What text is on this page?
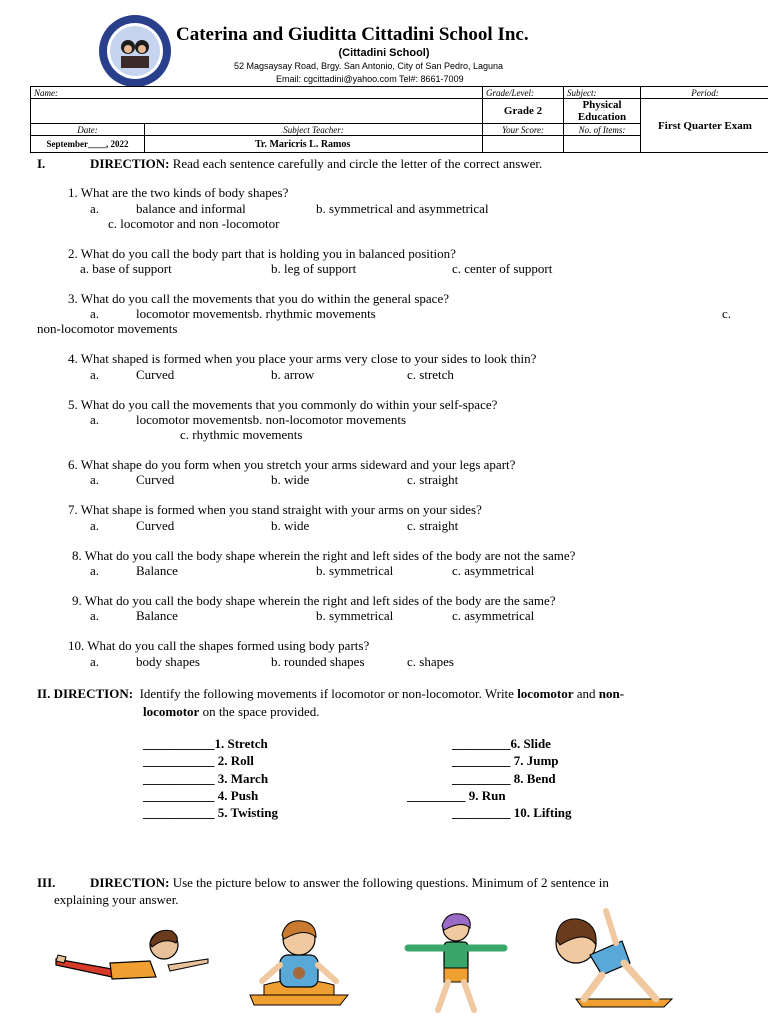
Caterina and Giuditta Cittadini School Inc.
(Cittadini School)
52 Magsaysay Road, Brgy. San Antonio, City of San Pedro, Laguna
Email: cgcittadini@yahoo.com Tel#: 8661-7009
Name:		Grade/Level:	Subject:	Period:
		Grade 2	Physical Education	First Quarter Exam
Date:	Subject Teacher:	Your Score:	No. of Items:	
September____, 2022	Tr. Maricris L. Ramos			
I.	DIRECTION: Read each sentence carefully and circle the letter of the correct answer.
1. What are the two kinds of body shapes?
a.	balance and informal	b. symmetrical and asymmetrical
c. locomotor and non -locomotor
2. What do you call the body part that is holding you in balanced position?
a. base of support	b. leg of support	c. center of support
3. What do you call the movements that you do within the general space?
a.	locomotor movementsb. rhythmic movements	c.
non-locomotor movements
4. What shaped is formed when you place your arms very close to your sides to look thin?
a.	Curved	b. arrow	c. stretch
5. What do you call the movements that you commonly do within your self-space?
a.	locomotor movementsb. non-locomotor movements
c. rhythmic movements
6. What shape do you form when you stretch your arms sideward and your legs apart?
a.	Curved	b. wide	c. straight
7. What shape is formed when you stand straight with your arms on your sides?
a.	Curved	b. wide	c. straight
8. What do you call the body shape wherein the right and left sides of the body are not the same?
a.	Balance	b. symmetrical	c. asymmetrical
9. What do you call the body shape wherein the right and left sides of the body are the same?
a.	Balance	b. symmetrical	c. asymmetrical
10. What do you call the shapes formed using body parts?
a.	body shapes	b. rounded shapes	c. shapes
II. DIRECTION: Identify the following movements if locomotor or non-locomotor. Write locomotor and non-
locomotor on the space provided.
___________1. Stretch
___________ 2. Roll
___________ 3. March
___________ 4. Push
___________ 5. Twisting
_________6. Slide
_________ 7. Jump
_________ 8. Bend
_________ 9. Run
_________ 10. Lifting
III.	DIRECTION: Use the picture below to answer the following questions. Minimum of 2 sentence in
explaining your answer.
